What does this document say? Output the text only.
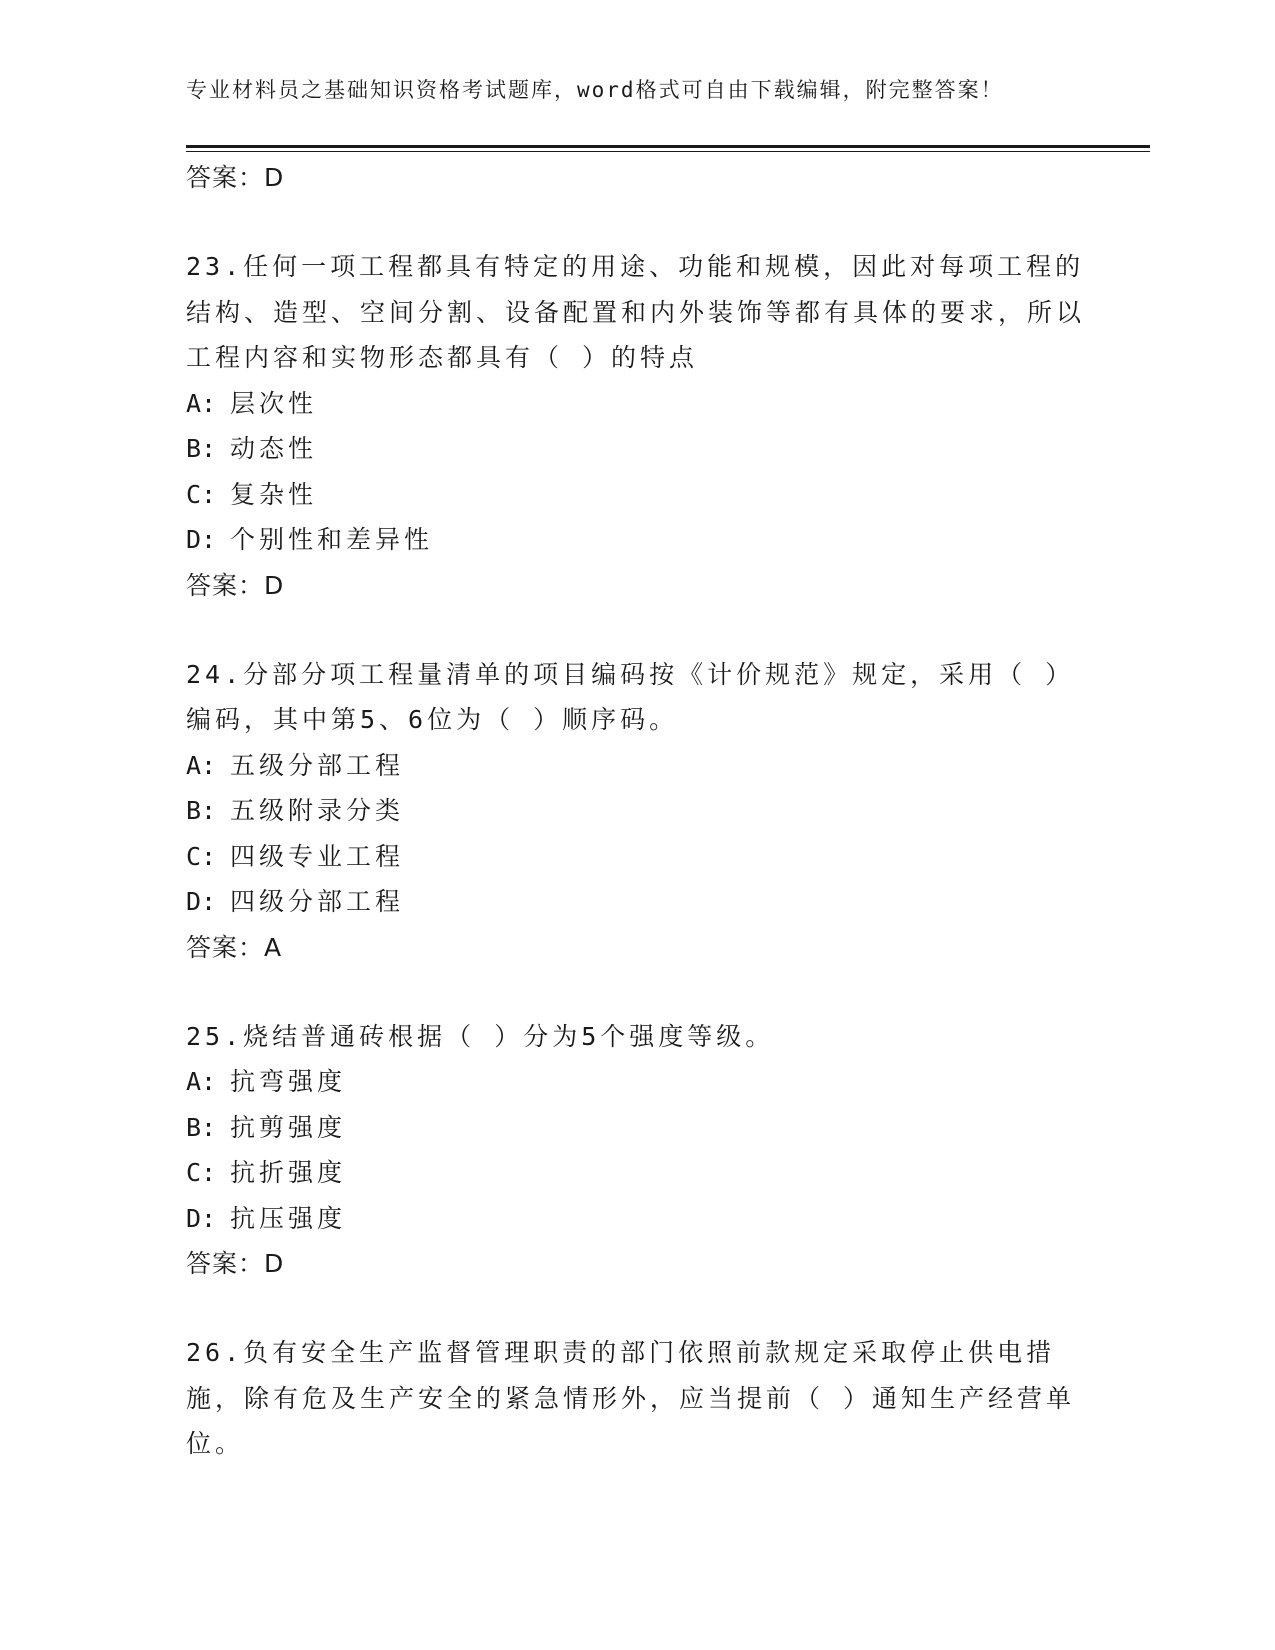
专业材料员之基础知识资格考试题库，word格式可自由下载编辑，附完整答案！
答案：D
23.任何一项工程都具有特定的用途、功能和规模，因此对每项工程的结构、造型、空间分割、设备配置和内外装饰等都有具体的要求，所以工程内容和实物形态都具有（ ）的特点
A: 层次性
B: 动态性
C: 复杂性
D: 个别性和差异性
答案：D
24.分部分项工程量清单的项目编码按《计价规范》规定，采用（ ）编码，其中第5、6位为（ ）顺序码。
A: 五级分部工程
B: 五级附录分类
C: 四级专业工程
D: 四级分部工程
答案：A
25.烧结普通砖根据（ ）分为5个强度等级。
A: 抗弯强度
B: 抗剪强度
C: 抗折强度
D: 抗压强度
答案：D
26.负有安全生产监督管理职责的部门依照前款规定采取停止供电措施，除有危及生产安全的紧急情形外，应当提前（ ）通知生产经营单位。
